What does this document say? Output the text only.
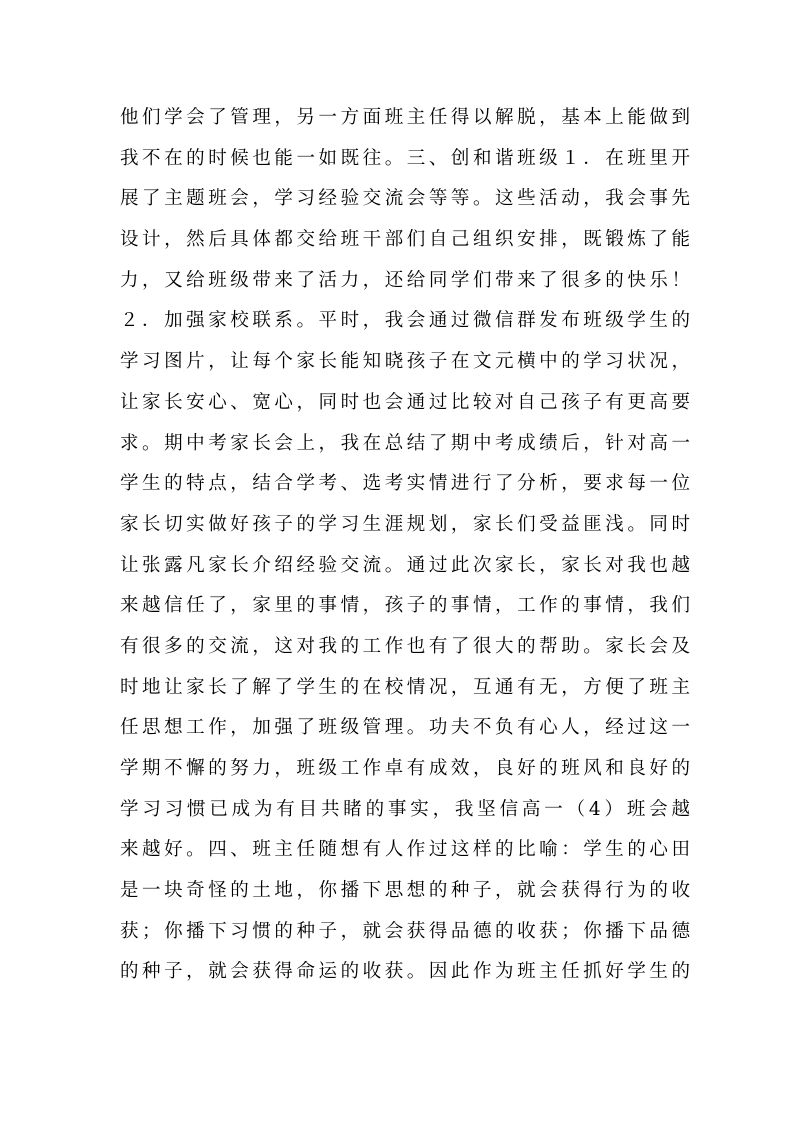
他们学会了管理，另一方面班主任得以解脱，基本上能做到
我不在的时候也能一如既往。三、创和谐班级１．在班里开
展了主题班会，学习经验交流会等等。这些活动，我会事先
设计，然后具体都交给班干部们自己组织安排，既锻炼了能
力，又给班级带来了活力，还给同学们带来了很多的快乐！
２．加强家校联系。平时，我会通过微信群发布班级学生的
学习图片，让每个家长能知晓孩子在文元横中的学习状况，
让家长安心、宽心，同时也会通过比较对自己孩子有更高要
求。期中考家长会上，我在总结了期中考成绩后，针对高一
学生的特点，结合学考、选考实情进行了分析，要求每一位
家长切实做好孩子的学习生涯规划，家长们受益匪浅。同时
让张露凡家长介绍经验交流。通过此次家长，家长对我也越
来越信任了，家里的事情，孩子的事情，工作的事情，我们
有很多的交流，这对我的工作也有了很大的帮助。家长会及
时地让家长了解了学生的在校情况，互通有无，方便了班主
任思想工作，加强了班级管理。功夫不负有心人，经过这一
学期不懈的努力，班级工作卓有成效，良好的班风和良好的
学习习惯已成为有目共睹的事实，我坚信高一（4）班会越
来越好。四、班主任随想有人作过这样的比喻：学生的心田
是一块奇怪的土地，你播下思想的种子，就会获得行为的收
获；你播下习惯的种子，就会获得品德的收获；你播下品德
的种子，就会获得命运的收获。因此作为班主任抓好学生的
